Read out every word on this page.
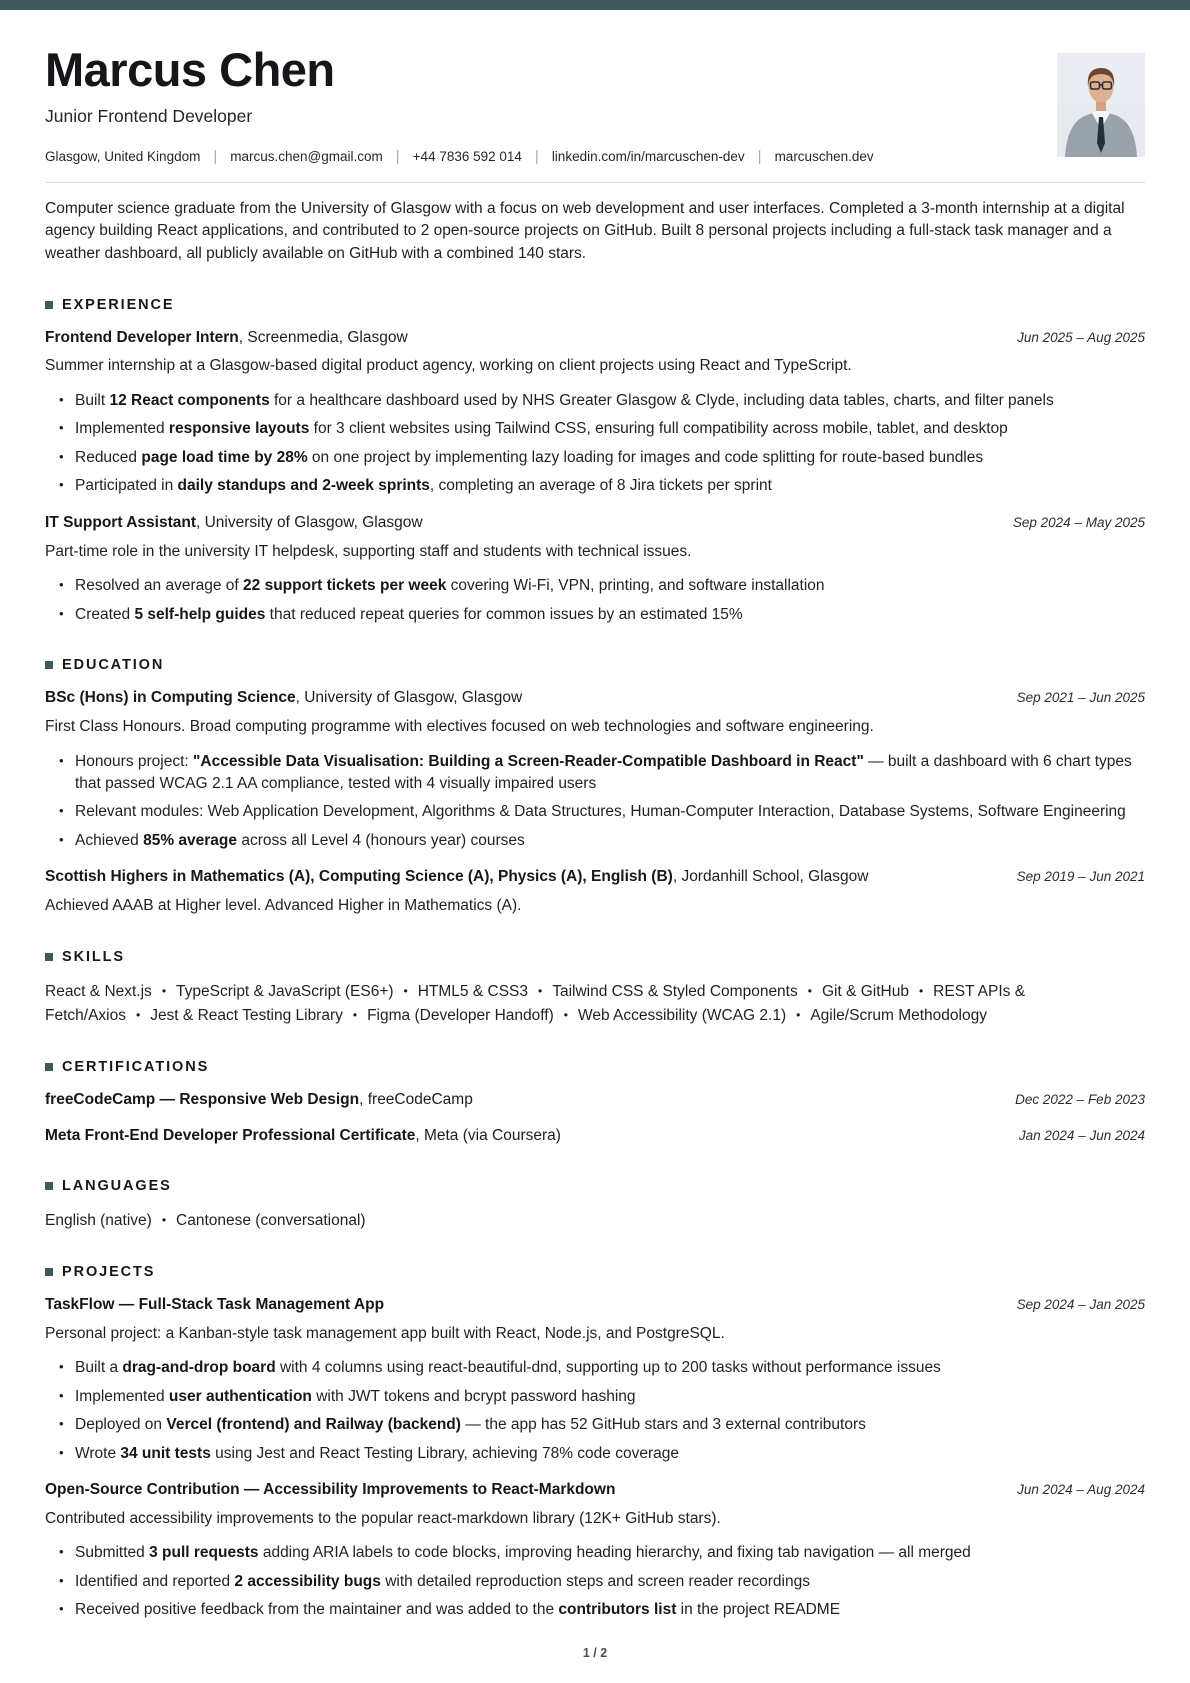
Marcus Chen
Junior Frontend Developer
Glasgow, United Kingdom | marcus.chen@gmail.com | +44 7836 592 014 | linkedin.com/in/marcuschen-dev | marcuschen.dev

Computer science graduate from the University of Glasgow with a focus on web development and user interfaces. Completed a 3-month internship at a digital agency building React applications, and contributed to 2 open-source projects on GitHub. Built 8 personal projects including a full-stack task manager and a weather dashboard, all publicly available on GitHub with a combined 140 stars.

EXPERIENCE
Frontend Developer Intern, Screenmedia, Glasgow	Jun 2025 – Aug 2025

Summer internship at a Glasgow-based digital product agency, working on client projects using React and TypeScript.

• Built 12 React components for a healthcare dashboard used by NHS Greater Glasgow & Clyde, including data tables, charts, and filter panels
• Implemented responsive layouts for 3 client websites using Tailwind CSS, ensuring full compatibility across mobile, tablet, and desktop
• Reduced page load time by 28% on one project by implementing lazy loading for images and code splitting for route-based bundles
• Participated in daily standups and 2-week sprints, completing an average of 8 Jira tickets per sprint
IT Support Assistant, University of Glasgow, Glasgow	Sep 2024 – May 2025

Part-time role in the university IT helpdesk, supporting staff and students with technical issues.

• Resolved an average of 22 support tickets per week covering Wi-Fi, VPN, printing, and software installation
• Created 5 self-help guides that reduced repeat queries for common issues by an estimated 15%
EDUCATION
BSc (Hons) in Computing Science, University of Glasgow, Glasgow	Sep 2021 – Jun 2025

First Class Honours. Broad computing programme with electives focused on web technologies and software engineering.

• Honours project: "Accessible Data Visualisation: Building a Screen-Reader-Compatible Dashboard in React" — built a dashboard with 6 chart types that passed WCAG 2.1 AA compliance, tested with 4 visually impaired users
• Relevant modules: Web Application Development, Algorithms & Data Structures, Human-Computer Interaction, Database Systems, Software Engineering
• Achieved 85% average across all Level 4 (honours year) courses
Scottish Highers in Mathematics (A), Computing Science (A), Physics (A), English (B), Jordanhill School, Glasgow	Sep 2019 – Jun 2021

Achieved AAAB at Higher level. Advanced Higher in Mathematics (A).

SKILLS
React & Next.js • TypeScript & JavaScript (ES6+) • HTML5 & CSS3 • Tailwind CSS & Styled Components • Git & GitHub • REST APIs & Fetch/Axios • Jest & React Testing Library • Figma (Developer Handoff) • Web Accessibility (WCAG 2.1) • Agile/Scrum Methodology
CERTIFICATIONS
freeCodeCamp — Responsive Web Design, freeCodeCamp	Dec 2022 – Feb 2023
Meta Front-End Developer Professional Certificate, Meta (via Coursera)	Jan 2024 – Jun 2024
LANGUAGES
English (native) • Cantonese (conversational)
PROJECTS
TaskFlow — Full-Stack Task Management App	Sep 2024 – Jan 2025

Personal project: a Kanban-style task management app built with React, Node.js, and PostgreSQL.

• Built a drag-and-drop board with 4 columns using react-beautiful-dnd, supporting up to 200 tasks without performance issues
• Implemented user authentication with JWT tokens and bcrypt password hashing
• Deployed on Vercel (frontend) and Railway (backend) — the app has 52 GitHub stars and 3 external contributors
• Wrote 34 unit tests using Jest and React Testing Library, achieving 78% code coverage
Open-Source Contribution — Accessibility Improvements to React-Markdown	Jun 2024 – Aug 2024

Contributed accessibility improvements to the popular react-markdown library (12K+ GitHub stars).

• Submitted 3 pull requests adding ARIA labels to code blocks, improving heading hierarchy, and fixing tab navigation — all merged
• Identified and reported 2 accessibility bugs with detailed reproduction steps and screen reader recordings
• Received positive feedback from the maintainer and was added to the contributors list in the project README
1 / 2
